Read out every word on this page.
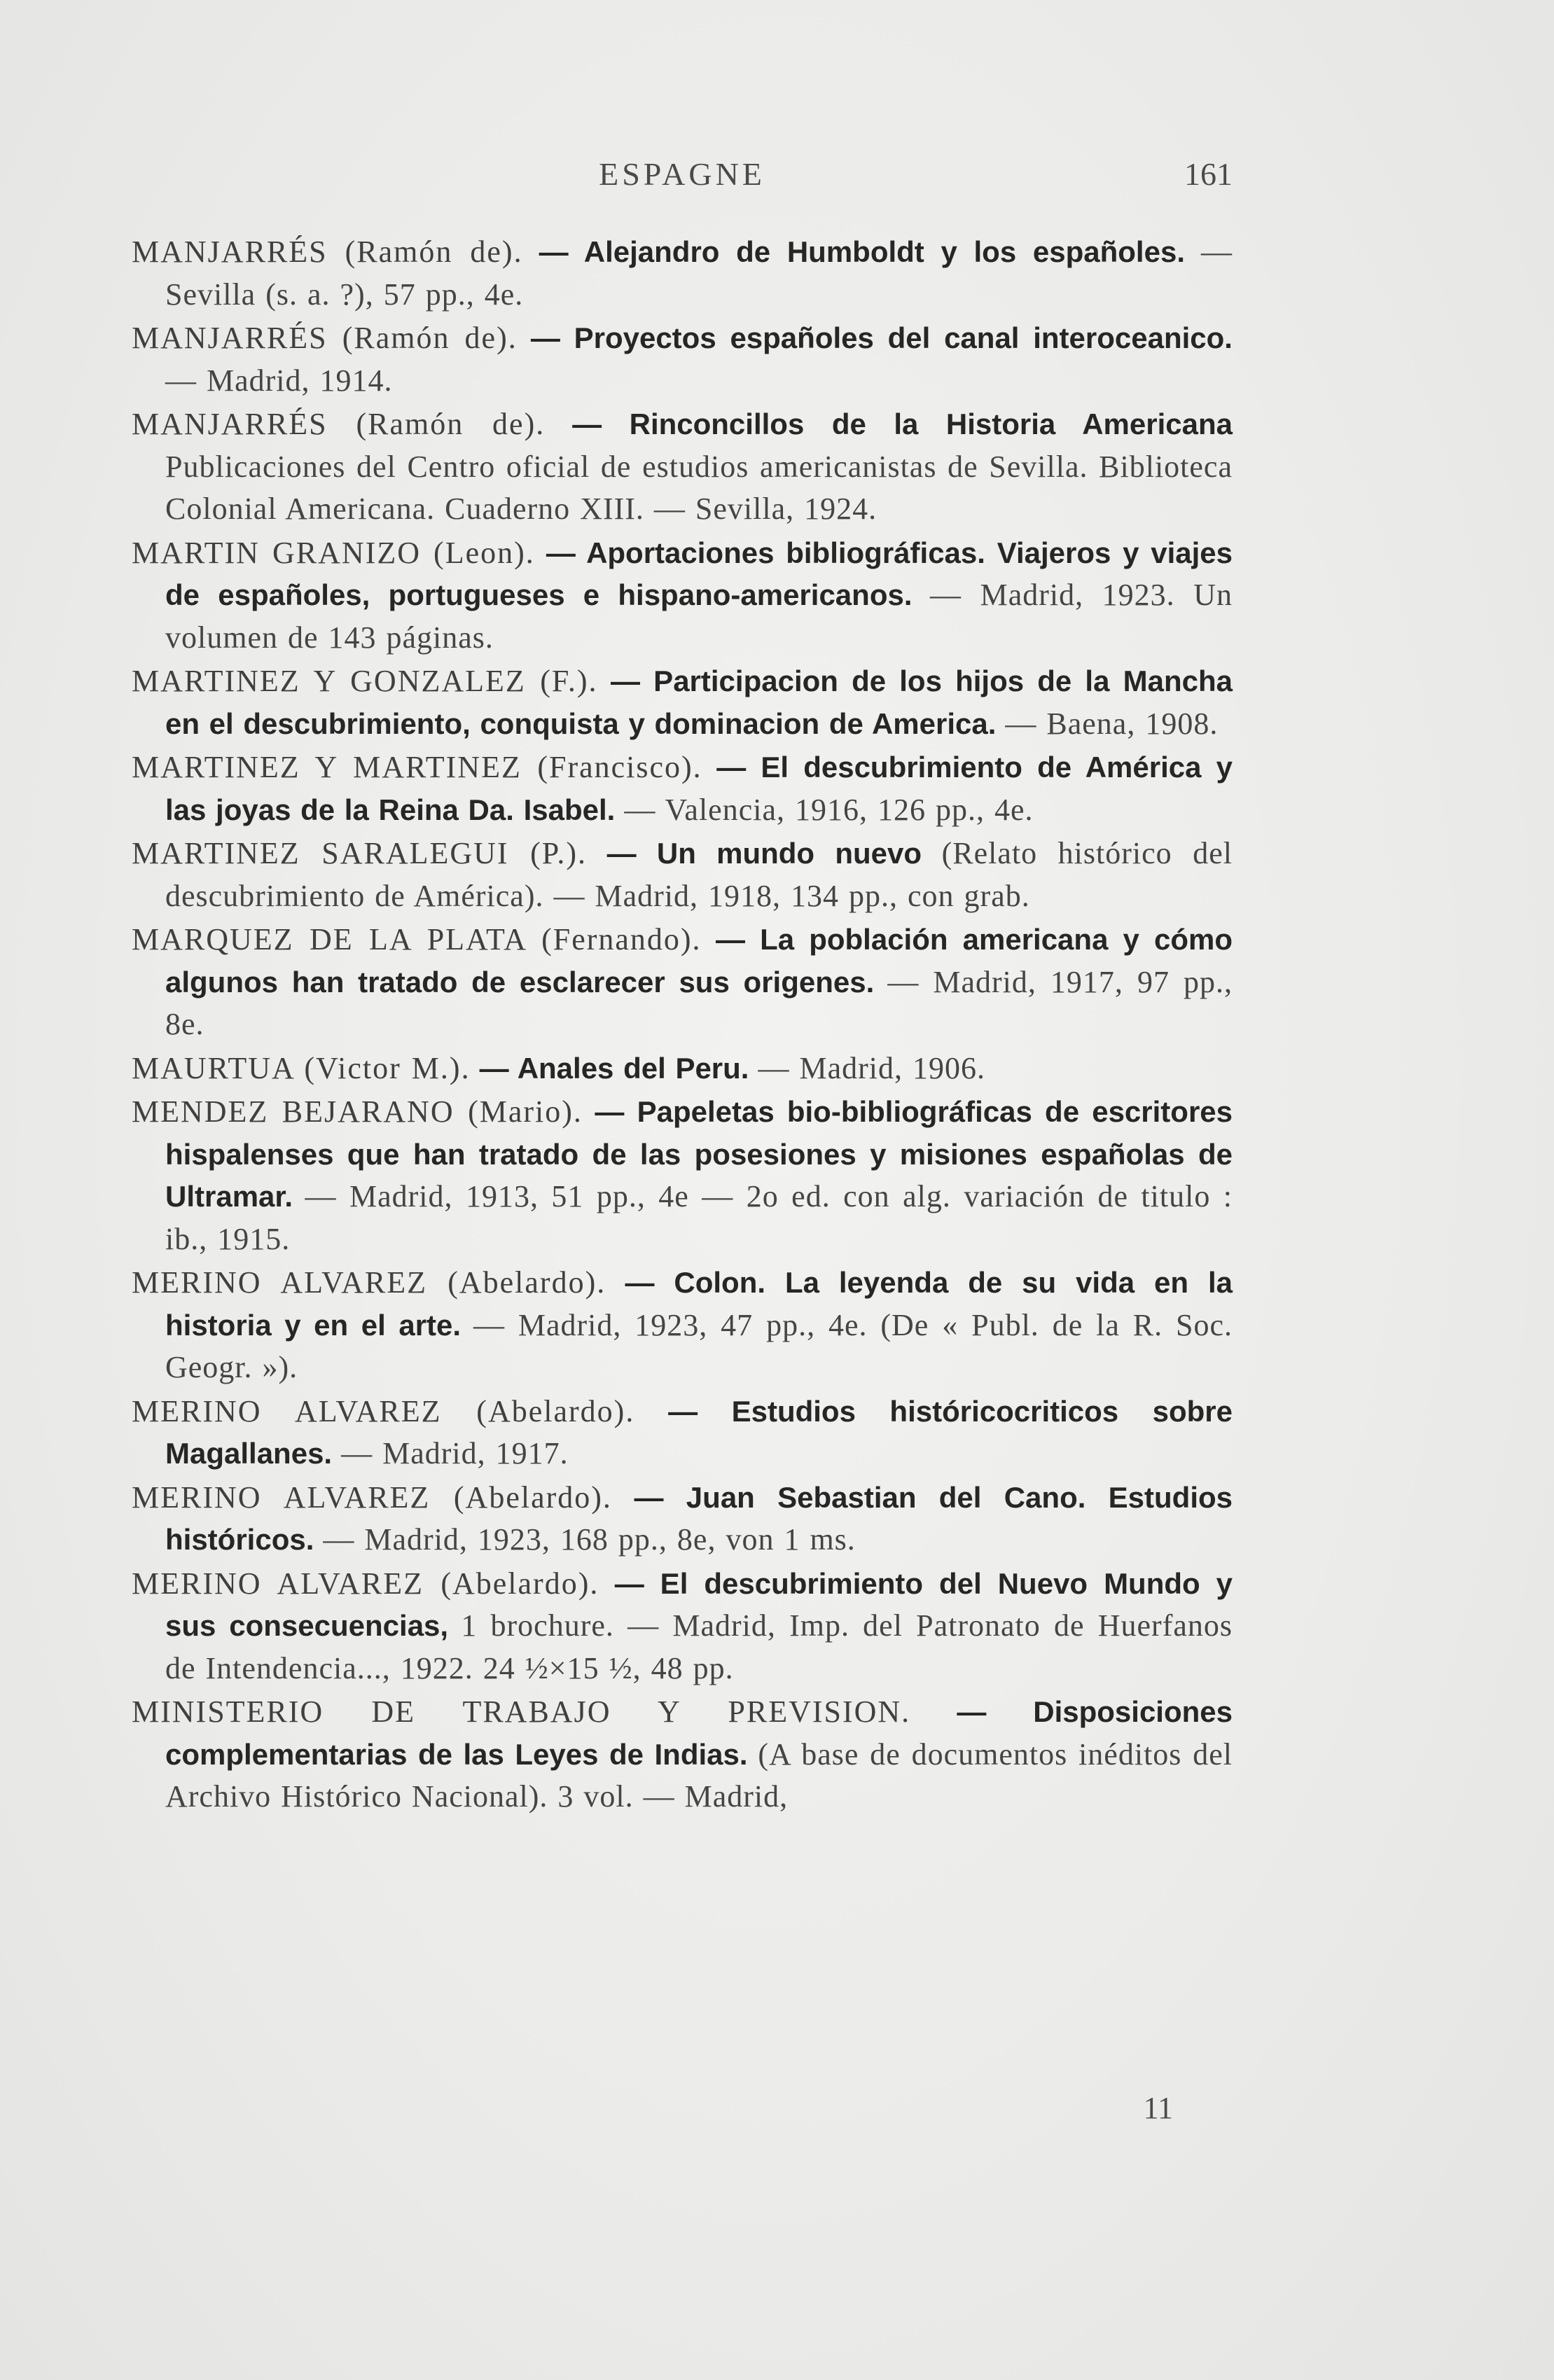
ESPAGNE	161

MANJARRÉS (Ramón de). — Alejandro de Humboldt y los españoles. — Sevilla (s. a. ?), 57 pp., 4e.

MANJARRÉS (Ramón de). — Proyectos españoles del canal interoceanico. — Madrid, 1914.

MANJARRÉS (Ramón de). — Rinconcillos de la Historia Americana Publicaciones del Centro oficial de estudios americanistas de Sevilla. Biblioteca Colonial Americana. Cuaderno XIII. — Sevilla, 1924.

MARTIN GRANIZO (Leon). — Aportaciones bibliográficas. Viajeros y viajes de españoles, portugueses e hispano-americanos. — Madrid, 1923. Un volumen de 143 páginas.

MARTINEZ Y GONZALEZ (F.). — Participacion de los hijos de la Mancha en el descubrimiento, conquista y dominacion de America. — Baena, 1908.

MARTINEZ Y MARTINEZ (Francisco). — El descubrimiento de América y las joyas de la Reina Da. Isabel. — Valencia, 1916, 126 pp., 4e.

MARTINEZ SARALEGUI (P.). — Un mundo nuevo (Relato histórico del descubrimiento de América). — Madrid, 1918, 134 pp., con grab.

MARQUEZ DE LA PLATA (Fernando). — La población americana y cómo algunos han tratado de esclarecer sus origenes. — Madrid, 1917, 97 pp., 8e.

MAURTUA (Victor M.). — Anales del Peru. — Madrid, 1906.

MENDEZ BEJARANO (Mario). — Papeletas bio-bibliográficas de escritores hispalenses que han tratado de las posesiones y misiones españolas de Ultramar. — Madrid, 1913, 51 pp., 4e — 2o ed. con alg. variación de titulo : ib., 1915.

MERINO ALVAREZ (Abelardo). — Colon. La leyenda de su vida en la historia y en el arte. — Madrid, 1923, 47 pp., 4e. (De « Publ. de la R. Soc. Geogr. »).

MERINO ALVAREZ (Abelardo). — Estudios históricocriticos sobre Magallanes. — Madrid, 1917.

MERINO ALVAREZ (Abelardo). — Juan Sebastian del Cano. Estudios históricos. — Madrid, 1923, 168 pp., 8e, von 1 ms.

MERINO ALVAREZ (Abelardo). — El descubrimiento del Nuevo Mundo y sus consecuencias, 1 brochure. — Madrid, Imp. del Patronato de Huerfanos de Intendencia..., 1922. 24 ½×15 ½, 48 pp.

MINISTERIO DE TRABAJO Y PREVISION. — Disposiciones complementarias de las Leyes de Indias. (A base de documentos inéditos del Archivo Histórico Nacional). 3 vol. — Madrid,

11
